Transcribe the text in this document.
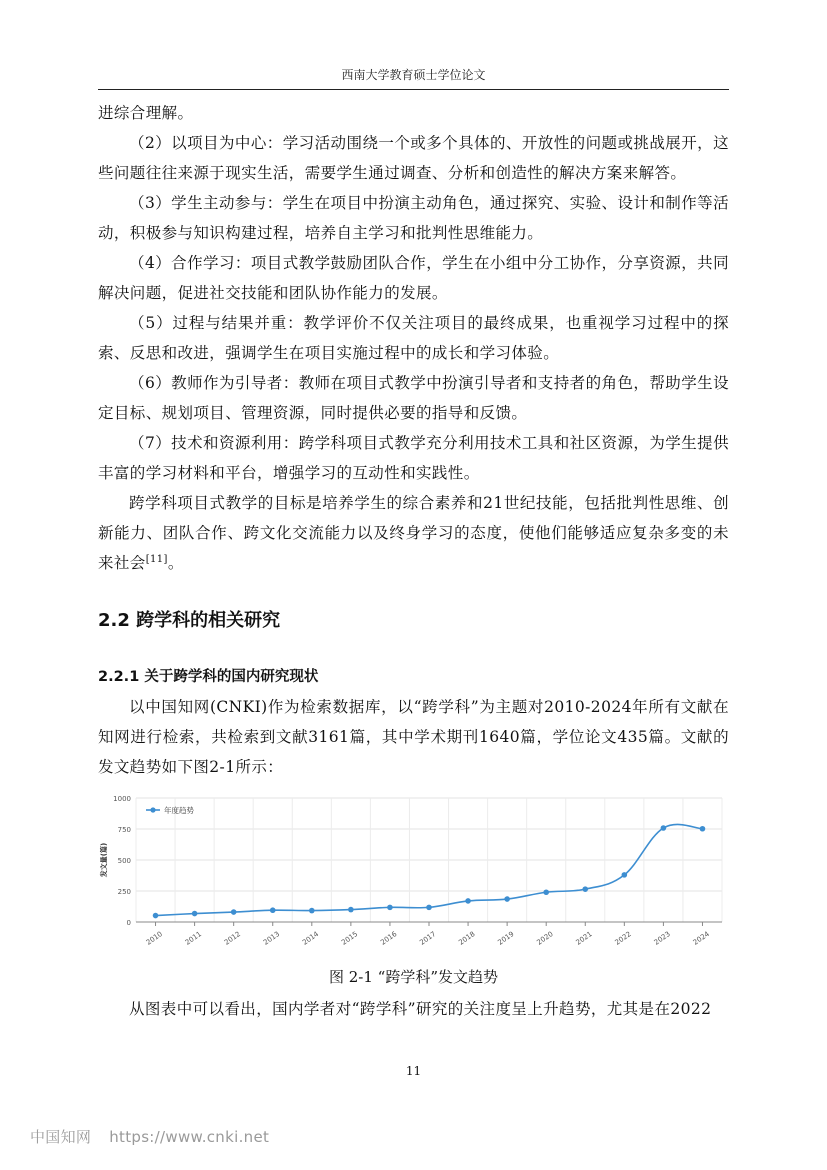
西南大学教育硕士学位论文

进综合理解。

（2）以项目为中心：学习活动围绕一个或多个具体的、开放性的问题或挑战展开，这些问题往往来源于现实生活，需要学生通过调查、分析和创造性的解决方案来解答。

（3）学生主动参与：学生在项目中扮演主动角色，通过探究、实验、设计和制作等活动，积极参与知识构建过程，培养自主学习和批判性思维能力。

（4）合作学习：项目式教学鼓励团队合作，学生在小组中分工协作，分享资源，共同解决问题，促进社交技能和团队协作能力的发展。

（5）过程与结果并重：教学评价不仅关注项目的最终成果，也重视学习过程中的探索、反思和改进，强调学生在项目实施过程中的成长和学习体验。

（6）教师作为引导者：教师在项目式教学中扮演引导者和支持者的角色，帮助学生设定目标、规划项目、管理资源，同时提供必要的指导和反馈。

（7）技术和资源利用：跨学科项目式教学充分利用技术工具和社区资源，为学生提供丰富的学习材料和平台，增强学习的互动性和实践性。

跨学科项目式教学的目标是培养学生的综合素养和21世纪技能，包括批判性思维、创新能力、团队合作、跨文化交流能力以及终身学习的态度，使他们能够适应复杂多变的未来社会[11]。

2.2 跨学科的相关研究
2.2.1 关于跨学科的国内研究现状

以中国知网(CNKI)作为检索数据库，以“跨学科”为主题对2010-2024年所有文献在知网进行检索，共检索到文献3161篇，其中学术期刊1640篇，学位论文435篇。文献的发文趋势如下图2-1所示：

0
250
500
750
1000
2010	2011	2012	2013	2014	2015	2016	2017	2018	2019	2020	2021	2022	2023	2024
发文量(篇)
年度趋势
图 2-1 “跨学科”发文趋势

从图表中可以看出，国内学者对“跨学科”研究的关注度呈上升趋势，尤其是在2022

11
中国知网 https://www.cnki.net
